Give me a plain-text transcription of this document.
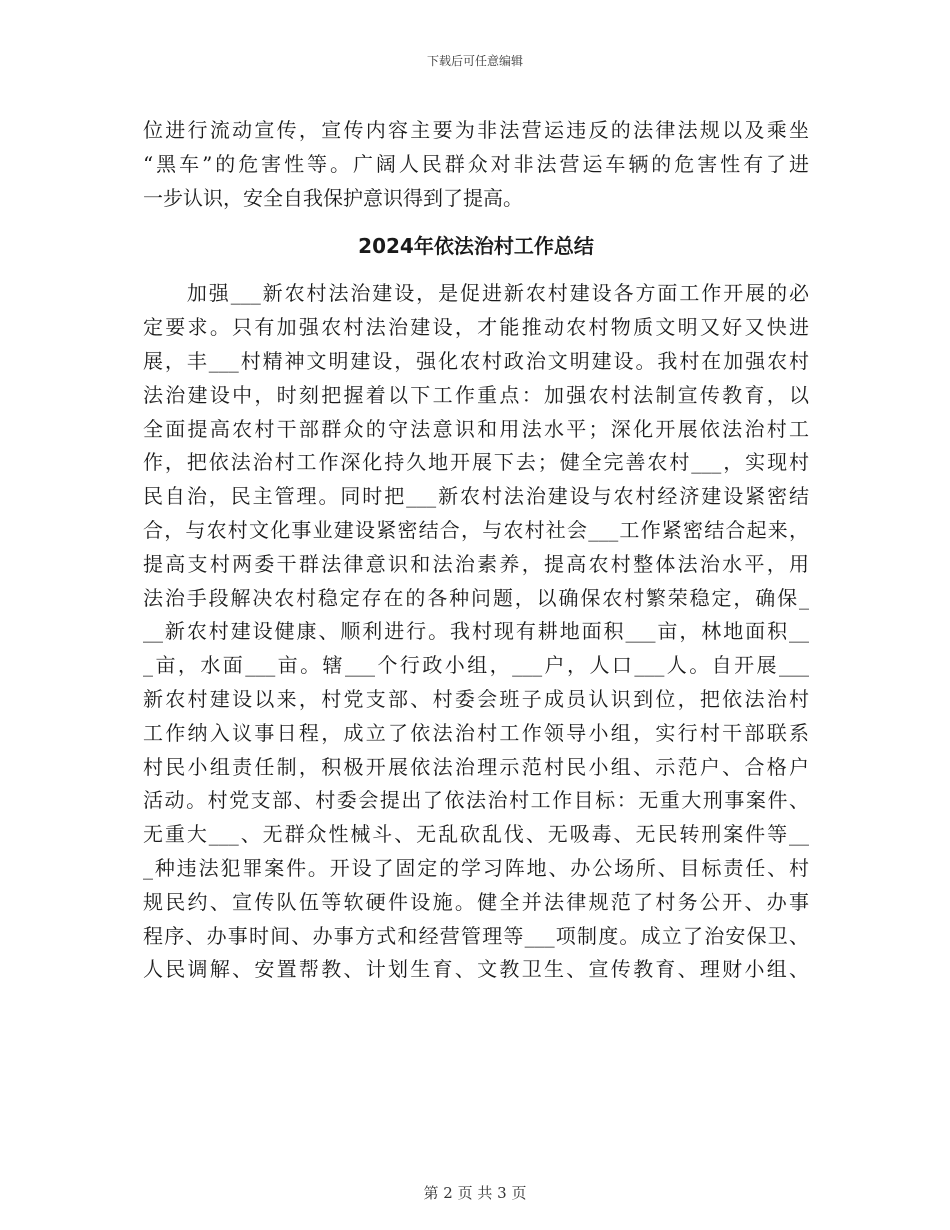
下载后可任意编辑
位进行流动宣传，宣传内容主要为非法营运违反的法律法规以及乘坐
“黑车”的危害性等。广阔人民群众对非法营运车辆的危害性有了进
一步认识，安全自我保护意识得到了提高。
2024年依法治村工作总结
　　加强___新农村法治建设，是促进新农村建设各方面工作开展的必
定要求。只有加强农村法治建设，才能推动农村物质文明又好又快进
展，丰___村精神文明建设，强化农村政治文明建设。我村在加强农村
法治建设中，时刻把握着以下工作重点：加强农村法制宣传教育，以
全面提高农村干部群众的守法意识和用法水平；深化开展依法治村工
作，把依法治村工作深化持久地开展下去；健全完善农村___，实现村
民自治，民主管理。同时把___新农村法治建设与农村经济建设紧密结
合，与农村文化事业建设紧密结合，与农村社会___工作紧密结合起来，
提高支村两委干群法律意识和法治素养，提高农村整体法治水平，用
法治手段解决农村稳定存在的各种问题，以确保农村繁荣稳定，确保_
__新农村建设健康、顺利进行。我村现有耕地面积___亩，林地面积__
_亩，水面___亩。辖___个行政小组，___户，人口___人。自开展___
新农村建设以来，村党支部、村委会班子成员认识到位，把依法治村
工作纳入议事日程，成立了依法治村工作领导小组，实行村干部联系
村民小组责任制，积极开展依法治理示范村民小组、示范户、合格户
活动。村党支部、村委会提出了依法治村工作目标：无重大刑事案件、
无重大___、无群众性械斗、无乱砍乱伐、无吸毒、无民转刑案件等__
_种违法犯罪案件。开设了固定的学习阵地、办公场所、目标责任、村
规民约、宣传队伍等软硬件设施。健全并法律规范了村务公开、办事
程序、办事时间、办事方式和经营管理等___项制度。成立了治安保卫、
人民调解、安置帮教、计划生育、文教卫生、宣传教育、理财小组、
第 2 页 共 3 页
